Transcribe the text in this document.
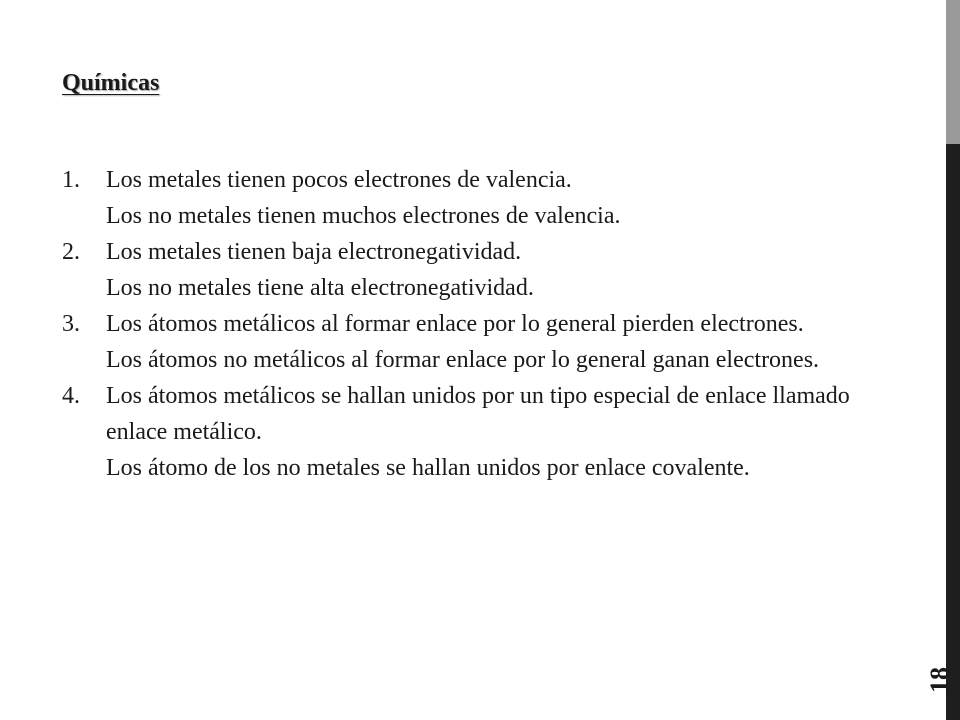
Químicas
1.	Los metales tienen pocos electrones de valencia.
Los no metales tienen muchos electrones de valencia.
2.	Los metales tienen baja electronegatividad.
Los no metales tiene alta electronegatividad.
3.	Los átomos metálicos al formar enlace por lo general pierden electrones.
Los átomos no metálicos al formar enlace por lo general ganan electrones.
4.	Los átomos metálicos se hallan unidos por un tipo especial de enlace llamado enlace metálico.
Los átomo de los no metales se hallan unidos por enlace covalente.
18
